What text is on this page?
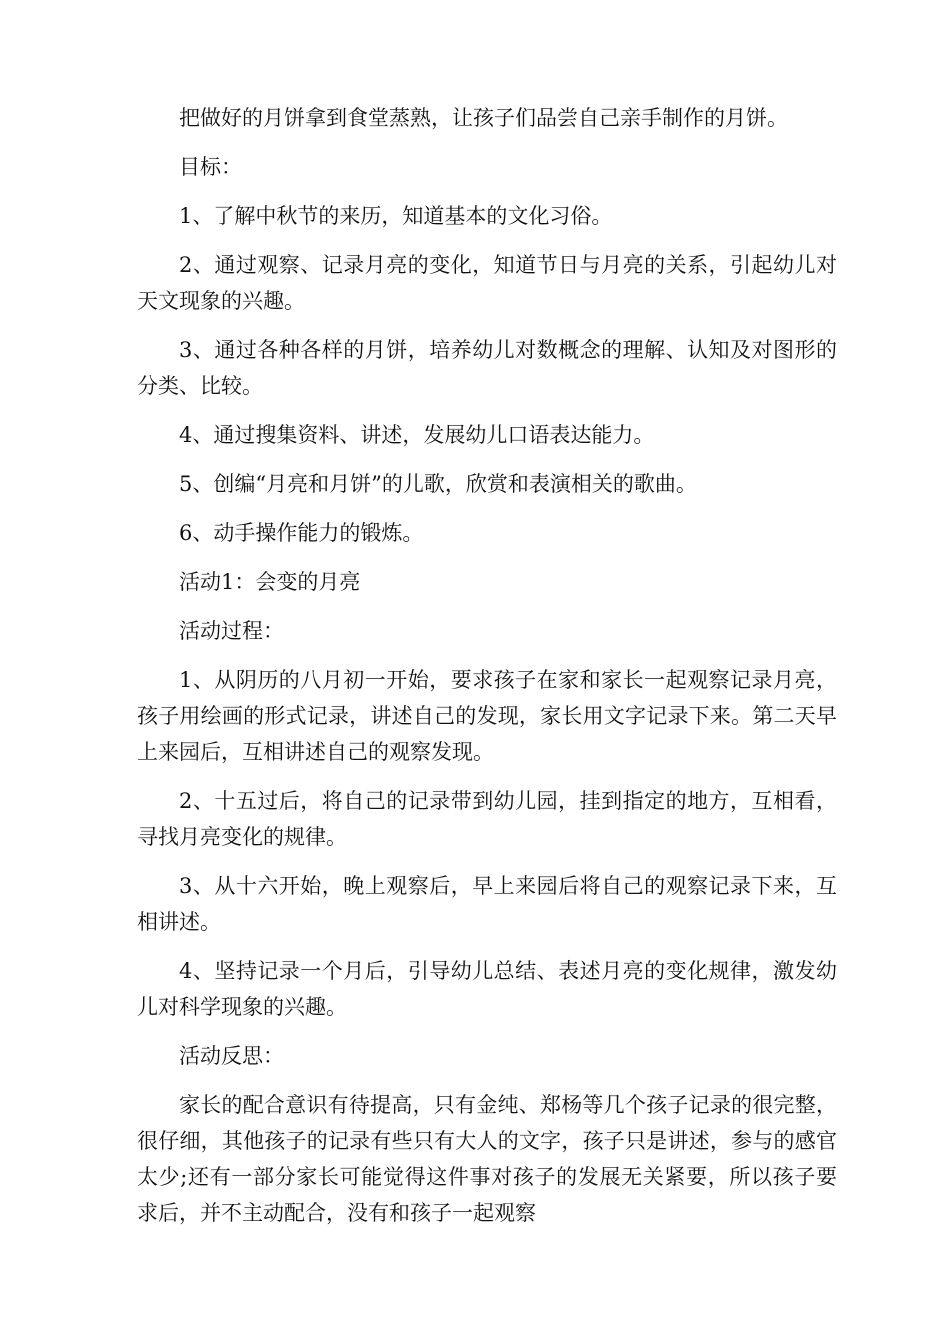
把做好的月饼拿到食堂蒸熟，让孩子们品尝自己亲手制作的月饼。

目标：

1、了解中秋节的来历，知道基本的文化习俗。

2、通过观察、记录月亮的变化，知道节日与月亮的关系，引起幼儿对天文现象的兴趣。

3、通过各种各样的月饼，培养幼儿对数概念的理解、认知及对图形的分类、比较。

4、通过搜集资料、讲述，发展幼儿口语表达能力。

5、创编“月亮和月饼”的儿歌，欣赏和表演相关的歌曲。

6、动手操作能力的锻炼。

活动1：会变的月亮

活动过程：

1、从阴历的八月初一开始，要求孩子在家和家长一起观察记录月亮，孩子用绘画的形式记录，讲述自己的发现，家长用文字记录下来。第二天早上来园后，互相讲述自己的观察发现。

2、十五过后，将自己的记录带到幼儿园，挂到指定的地方，互相看，寻找月亮变化的规律。

3、从十六开始，晚上观察后，早上来园后将自己的观察记录下来，互相讲述。

4、坚持记录一个月后，引导幼儿总结、表述月亮的变化规律，激发幼儿对科学现象的兴趣。

活动反思：

家长的配合意识有待提高，只有金纯、郑杨等几个孩子记录的很完整，很仔细，其他孩子的记录有些只有大人的文字，孩子只是讲述，参与的感官太少;还有一部分家长可能觉得这件事对孩子的发展无关紧要，所以孩子要求后，并不主动配合，没有和孩子一起观察
